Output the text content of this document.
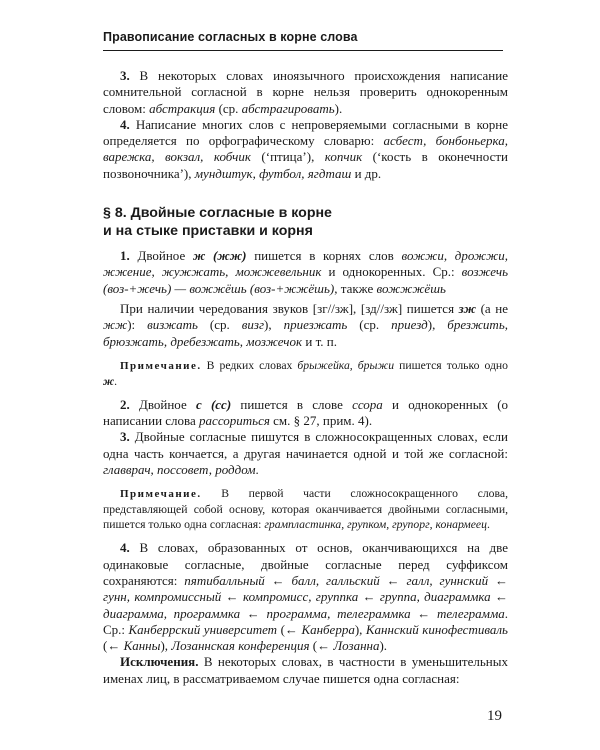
Правописание согласных в корне слова

3. В некоторых словах иноязычного происхождения написание сомнительной согласной в корне нельзя проверить однокоренным словом: абстракция (ср. абстрагировать).

4. Написание многих слов с непроверяемыми согласными в корне определяется по орфографическому словарю: асбест, бонбоньерка, варежка, вокзал, кобчик (‘птица’), копчик (‘кость в оконечности позвоночника’), мундштук, футбол, ягдташ и др.

§ 8. Двойные согласные в корне
и на стыке приставки и корня

1. Двойное ж (жж) пишется в корнях слов вожжи, дрожжи, жжение, жужжать, можжевельник и однокоренных. Ср.: возжечь (воз-+жечь) — вожжёшь (воз-+жжёшь), также вожжжёшь

При наличии чередования звуков [зг//зж], [зд//зж] пишется зж (а не жж): визжать (ср. визг), приезжать (ср. приезд), брезжить, брюзжать, дребезжать, мозжечок и т. п.

Примечание. В редких словах брыжейка, брыжи пишется только одно ж.

2. Двойное с (сс) пишется в слове ссора и однокоренных (о написании слова рассориться см. § 27, прим. 4).

3. Двойные согласные пишутся в сложносокращенных словах, если одна часть кончается, а другая начинается одной и той же согласной: главврач, поссовет, роддом.

Примечание. В первой части сложносокращенного слова, представляющей собой основу, которая оканчивается двойными согласными, пишется только одна согласная: грампластинка, групком, групорг, конармеец.

4. В словах, образованных от основ, оканчивающихся на две одинаковые согласные, двойные согласные перед суффиксом сохраняются: пятибалльный ← балл, галльский ← галл, гуннский ← гунн, компромиссный ← компромисс, группка ← группа, диаграммка ← диаграмма, программка ← программа, телеграммка ← телеграмма. Ср.: Канберрский университет (← Канберра), Каннский кинофестиваль (← Канны), Лозаннская конференция (← Лозанна).

Исключения. В некоторых словах, в частности в уменьшительных именах лиц, в рассматриваемом случае пишется одна согласная:

19
